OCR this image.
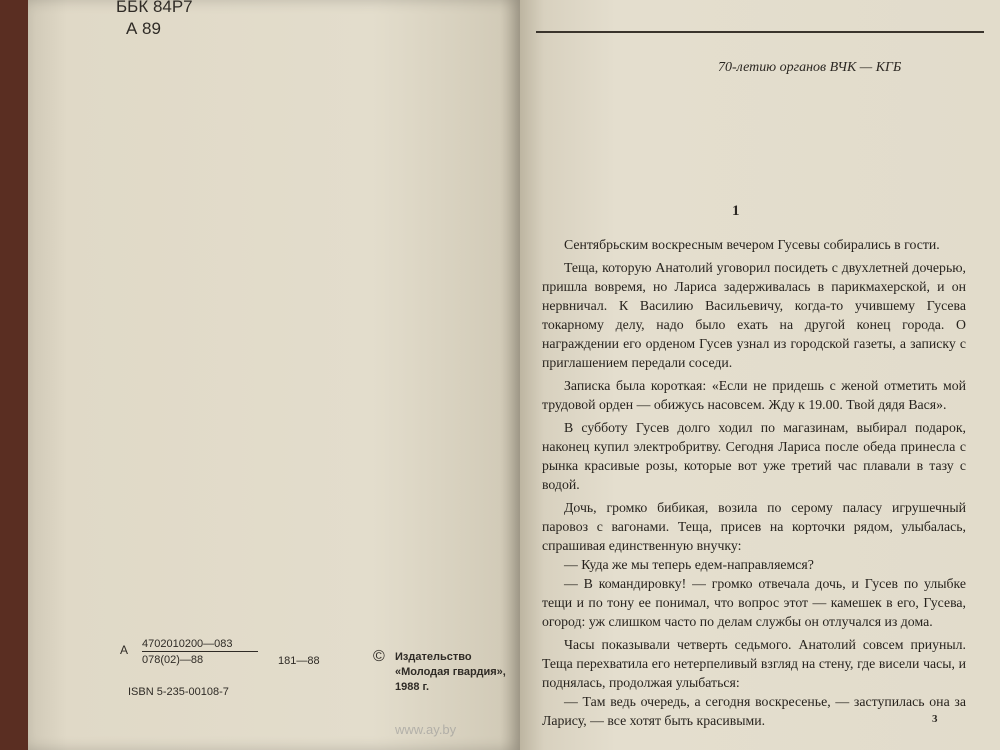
ББК 84Р7
А 89
А 4702010200—083
078(02)—88	181—88
ISBN 5-235-00108-7
© Издательство
«Молодая гвардия»,
1988 г.
70-летию органов ВЧК — КГБ
1

Сентябрьским воскресным вечером Гусевы собирались в гости.

Теща, которую Анатолий уговорил посидеть с двухлетней дочерью, пришла вовремя, но Лариса задерживалась в парикмахерской, и он нервничал. К Василию Васильевичу, когда-то учившему Гусева токарному делу, надо было ехать на другой конец города. О награждении его орденом Гусев узнал из городской газеты, а записку с приглашением передали соседи.

Записка была короткая: «Если не придешь с женой отметить мой трудовой орден — обижусь насовсем. Жду к 19.00. Твой дядя Вася».

В субботу Гусев долго ходил по магазинам, выбирал подарок, наконец купил электробритву. Сегодня Лариса после обеда принесла с рынка красивые розы, которые вот уже третий час плавали в тазу с водой.

Дочь, громко бибикая, возила по серому паласу игрушечный паровоз с вагонами. Теща, присев на корточки рядом, улыбалась, спрашивая единственную внучку:

— Куда же мы теперь едем-направляемся?

— В командировку! — громко отвечала дочь, и Гусев по улыбке тещи и по тону ее понимал, что вопрос этот — камешек в его, Гусева, огород: уж слишком часто по делам службы он отлучался из дома.

Часы показывали четверть седьмого. Анатолий совсем приуныл. Теща перехватила его нетерпеливый взгляд на стену, где висели часы, и поднялась, продолжая улыбаться:

— Там ведь очередь, а сегодня воскресенье, — заступилась она за Ларису, — все хотят быть красивыми.	3
www.ay.by
